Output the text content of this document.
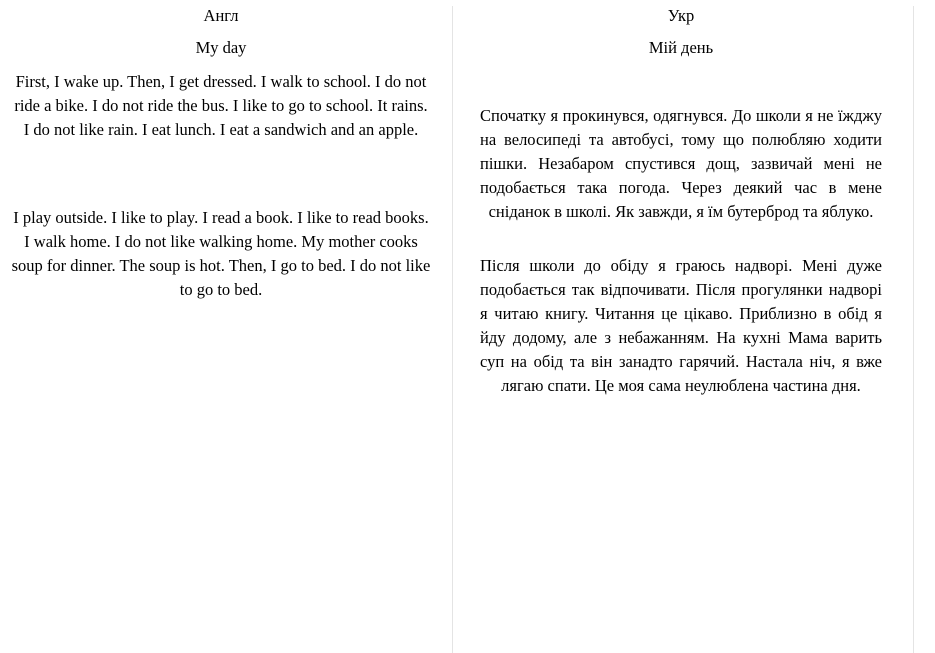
Англ
My day

First, I wake up. Then, I get dressed. I walk to school. I do not ride a bike. I do not ride the bus. I like to go to school. It rains. I do not like rain. I eat lunch. I eat a sandwich and an apple.

I play outside. I like to play. I read a book. I like to read books. I walk home. I do not like walking home. My mother cooks soup for dinner. The soup is hot. Then, I go to bed. I do not like to go to bed.

Укр
Мій день

Спочатку я прокинувся, одягнувся. До школи я не їжджу на велосипеді та автобусі, тому що полюбляю ходити пішки. Незабаром спустився дощ, зазвичай мені не подобається така погода. Через деякий час в мене сніданок в школі. Як завжди, я їм бутерброд та яблуко.

Після школи до обіду я граюсь надворі. Мені дуже подобається так відпочивати. Після прогулянки надворі я читаю книгу. Читання це цікаво. Приблизно в обід я йду додому, але з небажанням. На кухні Мама варить суп на обід та він занадто гарячий. Настала ніч, я вже лягаю спати. Це моя сама неулюблена частина дня.
